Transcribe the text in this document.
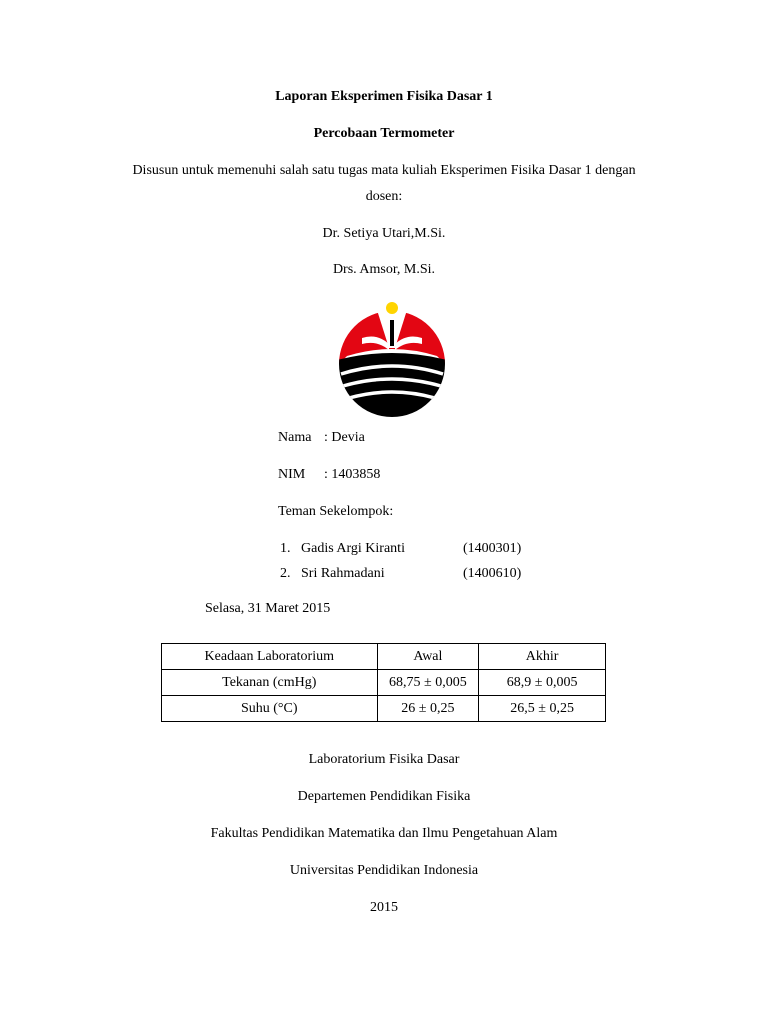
Laporan Eksperimen Fisika Dasar 1
Percobaan Termometer
Disusun untuk memenuhi salah satu tugas mata kuliah Eksperimen Fisika Dasar 1 dengan
dosen:
Dr. Setiya Utari,M.Si.
Drs. Amsor, M.Si.
Nama : Devia
NIM : 1403858
Teman Sekelompok:
1. Gadis Argi Kiranti	(1400301)
2. Sri Rahmadani	(1400610)
Selasa, 31 Maret 2015
Keadaan Laboratorium	Awal	Akhir
Tekanan (cmHg)	68,75 ± 0,005	68,9 ± 0,005
Suhu (°C)	26 ± 0,25	26,5 ± 0,25
Laboratorium Fisika Dasar
Departemen Pendidikan Fisika
Fakultas Pendidikan Matematika dan Ilmu Pengetahuan Alam
Universitas Pendidikan Indonesia
2015
